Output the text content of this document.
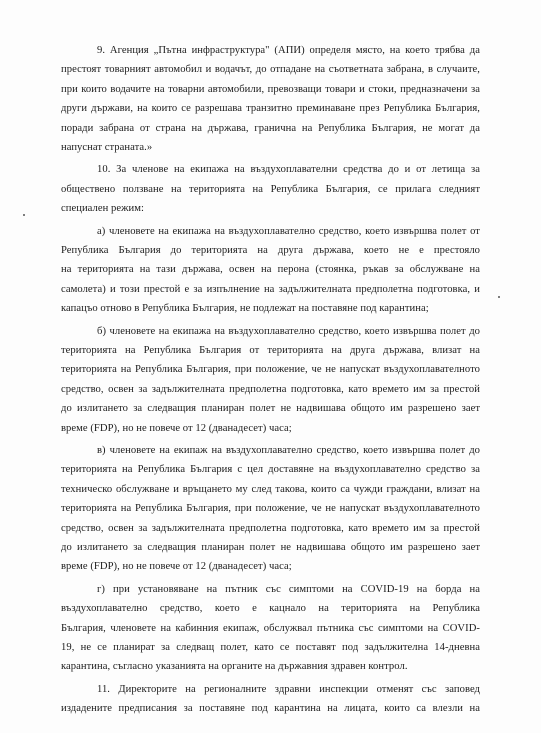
9. Агенция „Пътна инфраструктура" (АПИ) определя място, на което трябва да
престоят товарният автомобил и водачът, до отпадане на съответната забрана, в случаите,
при които водачите на товарни автомобили, превозващи товари и стоки, предназначени за
други държави, на които се разрешава транзитно преминаване през Република България,
поради забрана от страна на държава, гранична на Република България, не могат да
напуснат страната.»
10. За членове на екипажа на въздухоплавателни средства до и от летища за
обществено ползване на територията на Република България, се прилага следният
специален режим:
а) членовете на екипажа на въздухоплавателно средство, което извършва полет от
Република България до територията на друга държава, което не е престояло
на територията на тази държава, освен на перона (стоянка, ръкав за обслужване на
самолета) и този престой е за изпълнение на задължителната предполетна подготовка, и
капацъо отново в Република България, не подлежат на поставяне под карантина;
б) членовете на екипажа на въздухоплавателно средство, което извършва полет до
територията на Република България от територията на друга държава, влизат на
територията на Република България, при положение, че не напускат въздухоплавателното
средство, освен за задължителната предполетна подготовка, като времето им за престой
до излитането за следващия планиран полет не надвишава общото им разрешено зает
време (FDP), но не повече от 12 (дванадесет) часа;
в) членовете на екипаж на въздухоплавателно средство, което извършва полет до
територията на Република България с цел доставяне на въздухоплавателно средство за
техническо обслужване и връщането му след такова, които са чужди граждани, влизат на
територията на Република България, при положение, че не напускат въздухоплавателното
средство, освен за задължителната предполетна подготовка, като времето им за престой
до излитането за следващия планиран полет не надвишава общото им разрешено зает
време (FDP), но не повече от 12 (дванадесет) часа;
г) при установяване на пътник със симптоми на COVID-19 на борда на
въздухоплавателно средство, което е кацнало на територията на Република
България, членовете на кабинния екипаж, обслужвал пътника със симптоми на COVID-
19, не се планират за следващ полет, като се поставят под задължителна 14-дневна
карантина, съгласно указанията на органите на държавния здравен контрол.
11. Директорите на регионалните здравни инспекции отменят със заповед
издадените предписания за поставяне под карантина на лицата, които са влезли на
